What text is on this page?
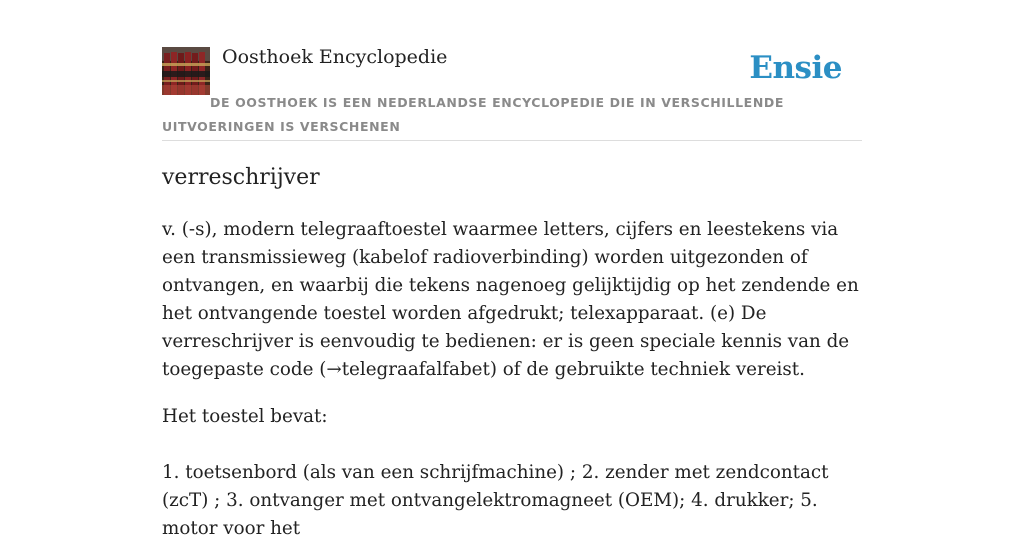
Oosthoek Encyclopedie	Ensie
DE OOSTHOEK IS EEN NEDERLANDSE ENCYCLOPEDIE DIE IN VERSCHILLENDE UITVOERINGEN IS VERSCHENEN
verreschrijver

v. (-s), modern telegraaftoestel waarmee letters, cijfers en leestekens via een transmissieweg (kabelof radioverbinding) worden uitgezonden of ontvangen, en waarbij die tekens nagenoeg gelijktijdig op het zendende en het ontvangende toestel worden afgedrukt; telexapparaat. (e) De verreschrijver is eenvoudig te bedienen: er is geen speciale kennis van de toegepaste code (→telegraafalfabet) of de gebruikte techniek vereist.

Het toestel bevat:

1. toetsenbord (als van een schrijfmachine) ; 2. zender met zendcontact (zcT) ; 3. ontvanger met ontvangelektromagneet (OEM); 4. drukker; 5. motor voor het
